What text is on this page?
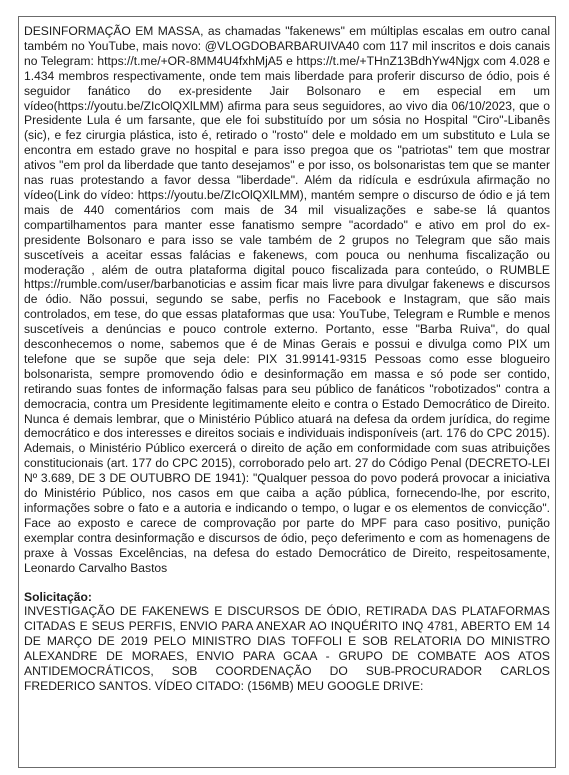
DESINFORMAÇÃO EM MASSA, as chamadas "fakenews" em múltiplas escalas em outro canal também no YouTube, mais novo: @VLOGDOBARBARUIVA40 com 117 mil inscritos e dois canais no Telegram: https://t.me/+OR-8MM4U4fxhMjA5 e https://t.me/+THnZ13BdhYw4Njgx com 4.028 e 1.434 membros respectivamente, onde tem mais liberdade para proferir discurso de ódio, pois é seguidor fanático do ex-presidente Jair Bolsonaro e em especial em um vídeo(https://youtu.be/ZIcOlQXlLMM) afirma para seus seguidores, ao vivo dia 06/10/2023, que o Presidente Lula é um farsante, que ele foi substituído por um sósia no Hospital "Ciro"-Libanês (sic), e fez cirurgia plástica, isto é, retirado o "rosto" dele e moldado em um substituto e Lula se encontra em estado grave no hospital e para isso pregoa que os "patriotas" tem que mostrar ativos "em prol da liberdade que tanto desejamos" e por isso, os bolsonaristas tem que se manter nas ruas protestando a favor dessa "liberdade". Além da ridícula e esdrúxula afirmação no vídeo(Link do vídeo: https://youtu.be/ZIcOlQXlLMM), mantém sempre o discurso de ódio e já tem mais de 440 comentários com mais de 34 mil visualizações e sabe-se lá quantos compartilhamentos para manter esse fanatismo sempre "acordado" e ativo em prol do ex-presidente Bolsonaro e para isso se vale também de 2 grupos no Telegram que são mais suscetíveis a aceitar essas falácias e fakenews, com pouca ou nenhuma fiscalização ou moderação , além de outra plataforma digital pouco fiscalizada para conteúdo, o RUMBLE https://rumble.com/user/barbanoticias e assim ficar mais livre para divulgar fakenews e discursos de ódio. Não possui, segundo se sabe, perfis no Facebook e Instagram, que são mais controlados, em tese, do que essas plataformas que usa: YouTube, Telegram e Rumble e menos suscetíveis a denúncias e pouco controle externo. Portanto, esse "Barba Ruiva", do qual desconhecemos o nome, sabemos que é de Minas Gerais e possui e divulga como PIX um telefone que se supõe que seja dele: PIX 31.99141-9315 Pessoas como esse blogueiro bolsonarista, sempre promovendo ódio e desinformação em massa e só pode ser contido, retirando suas fontes de informação falsas para seu público de fanáticos "robotizados" contra a democracia, contra um Presidente legitimamente eleito e contra o Estado Democrático de Direito. Nunca é demais lembrar, que o Ministério Público atuará na defesa da ordem jurídica, do regime democrático e dos interesses e direitos sociais e individuais indisponíveis (art. 176 do CPC 2015). Ademais, o Ministério Público exercerá o direito de ação em conformidade com suas atribuições constitucionais (art. 177 do CPC 2015), corroborado pelo art. 27 do Código Penal (DECRETO-LEI Nº 3.689, DE 3 DE OUTUBRO DE 1941): "Qualquer pessoa do povo poderá provocar a iniciativa do Ministério Público, nos casos em que caiba a ação pública, fornecendo-lhe, por escrito, informações sobre o fato e a autoria e indicando o tempo, o lugar e os elementos de convicção". Face ao exposto e carece de comprovação por parte do MPF para caso positivo, punição exemplar contra desinformação e discursos de ódio, peço deferimento e com as homenagens de praxe à Vossas Excelências, na defesa do estado Democrático de Direito, respeitosamente, Leonardo Carvalho Bastos

Solicitação:

INVESTIGAÇÃO DE FAKENEWS E DISCURSOS DE ÓDIO, RETIRADA DAS PLATAFORMAS CITADAS E SEUS PERFIS, ENVIO PARA ANEXAR AO INQUÉRITO INQ 4781, ABERTO EM 14 DE MARÇO DE 2019 PELO MINISTRO DIAS TOFFOLI E SOB RELATORIA DO MINISTRO ALEXANDRE DE MORAES, ENVIO PARA GCAA - GRUPO DE COMBATE AOS ATOS ANTIDEMOCRÁTICOS, SOB COORDENAÇÃO DO SUB-PROCURADOR CARLOS FREDERICO SANTOS. VÍDEO CITADO: (156MB) MEU GOOGLE DRIVE:
